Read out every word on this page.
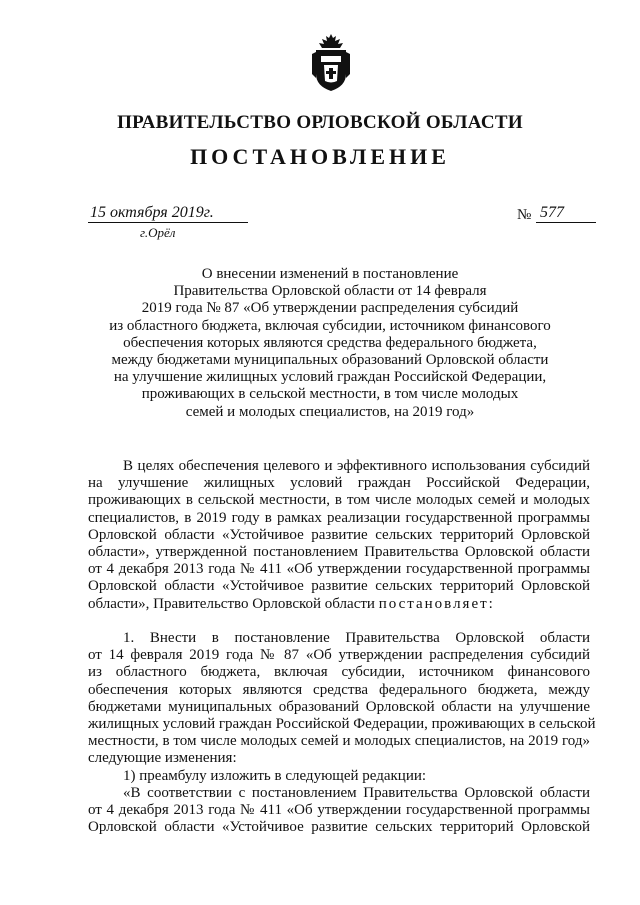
ПРАВИТЕЛЬСТВО ОРЛОВСКОЙ ОБЛАСТИ
ПОСТАНОВЛЕНИЕ
15 октября 2019г.
г.Орёл
№ 577
О внесении изменений в постановление
Правительства Орловской области от 14 февраля
2019 года № 87 «Об утверждении распределения субсидий
из областного бюджета, включая субсидии, источником финансового
обеспечения которых являются средства федерального бюджета,
между бюджетами муниципальных образований Орловской области
на улучшение жилищных условий граждан Российской Федерации,
проживающих в сельской местности, в том числе молодых
семей и молодых специалистов, на 2019 год»
В целях обеспечения целевого и эффективного использования субсидий
на улучшение жилищных условий граждан Российской Федерации,
проживающих в сельской местности, в том числе молодых семей и молодых
специалистов, в 2019 году в рамках реализации государственной программы
Орловской области «Устойчивое развитие сельских территорий Орловской
области», утвержденной постановлением Правительства Орловской области
от 4 декабря 2013 года № 411 «Об утверждении государственной программы
Орловской области «Устойчивое развитие сельских территорий Орловской
области», Правительство Орловской области постановляет:
1. Внести в постановление Правительства Орловской области
от 14 февраля 2019 года № 87 «Об утверждении распределения субсидий
из областного бюджета, включая субсидии, источником финансового
обеспечения которых являются средства федерального бюджета, между
бюджетами муниципальных образований Орловской области на улучшение
жилищных условий граждан Российской Федерации, проживающих в сельской
местности, в том числе молодых семей и молодых специалистов, на 2019 год»
следующие изменения:
1) преамбулу изложить в следующей редакции:
«В соответствии с постановлением Правительства Орловской области
от 4 декабря 2013 года № 411 «Об утверждении государственной программы
Орловской области «Устойчивое развитие сельских территорий Орловской
